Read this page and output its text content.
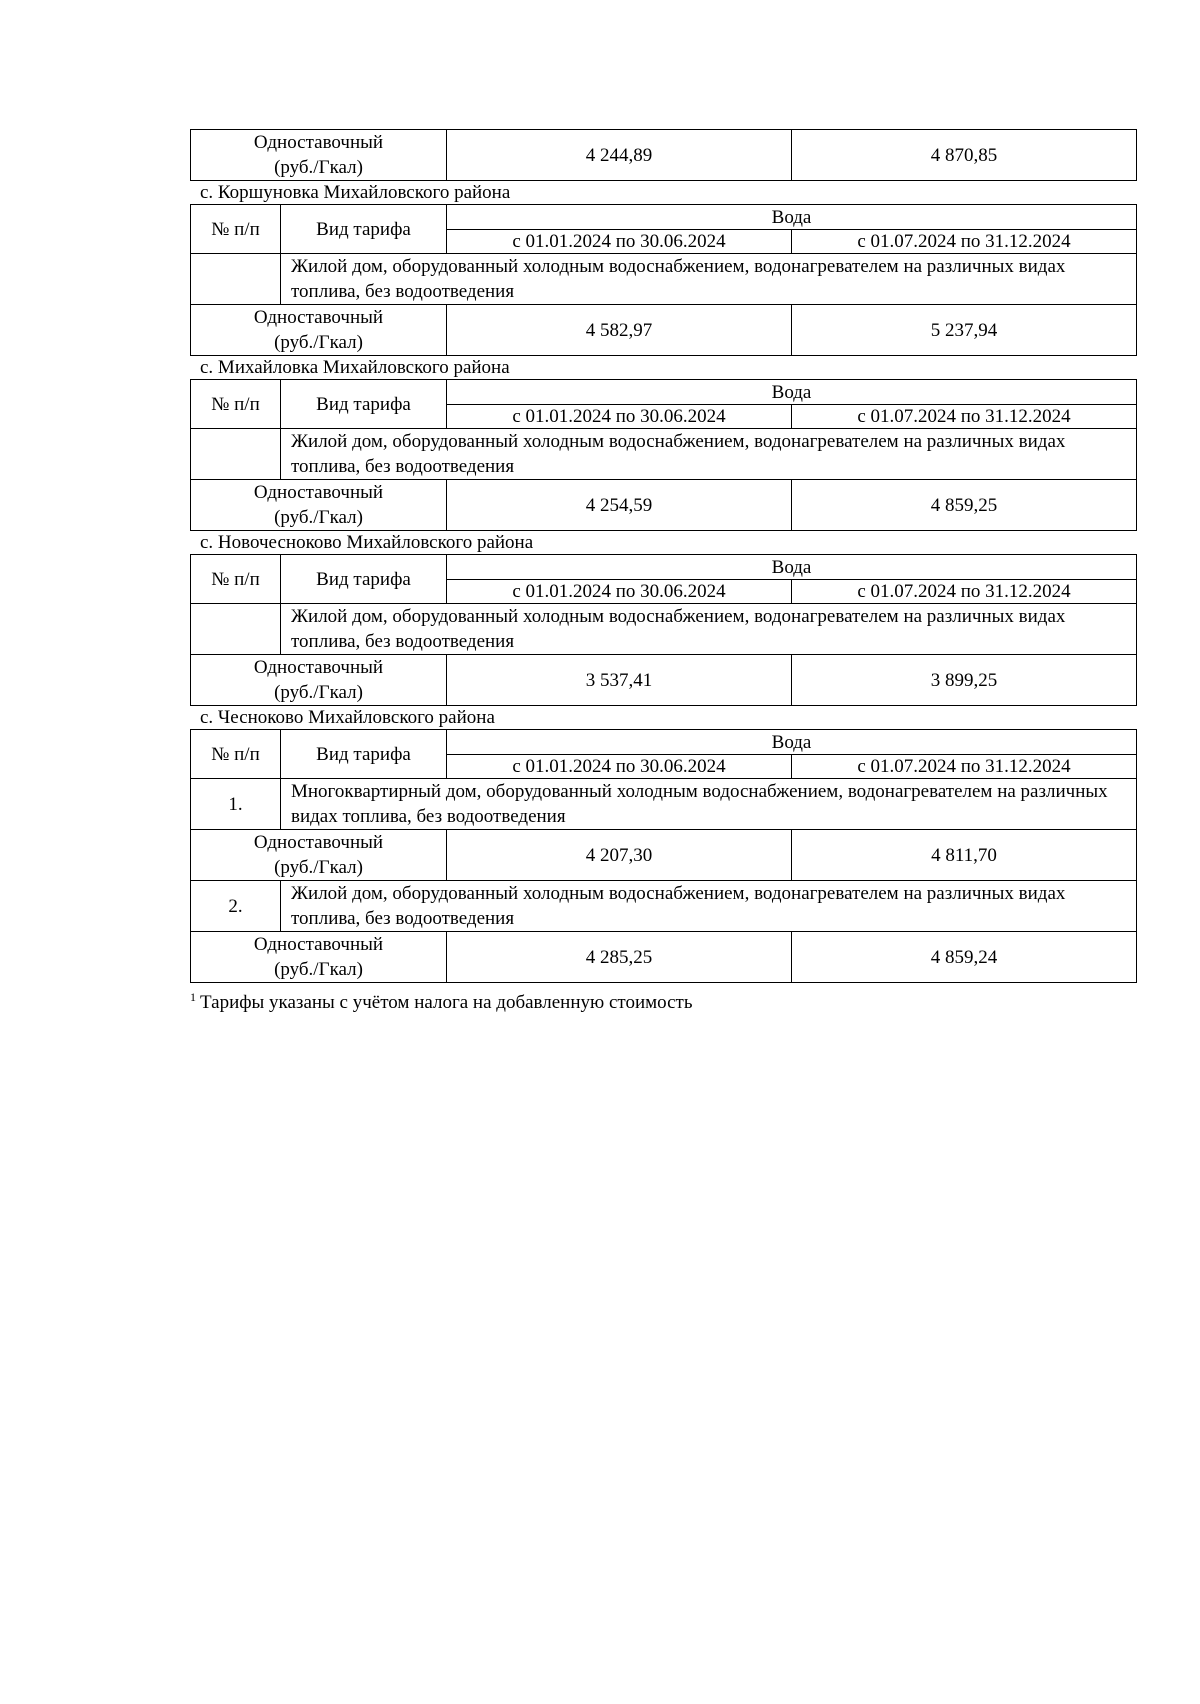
Одноставочный
(руб./Гкал)	4 244,89	4 870,85
с. Коршуновка Михайловского района
№ п/п	Вид тарифа	Вода	
		с 01.01.2024 по 30.06.2024	с 01.07.2024 по 31.12.2024
	Жилой дом, оборудованный холодным водоснабжением, водонагревателем на различных видах топлива, без водоотведения		
Одноставочный
(руб./Гкал)		4 582,97	5 237,94
с. Михайловка Михайловского района
№ п/п	Вид тарифа	Вода	
		с 01.01.2024 по 30.06.2024	с 01.07.2024 по 31.12.2024
	Жилой дом, оборудованный холодным водоснабжением, водонагревателем на различных видах топлива, без водоотведения		
Одноставочный
(руб./Гкал)		4 254,59	4 859,25
с. Новочесноково Михайловского района
№ п/п	Вид тарифа	Вода	
		с 01.01.2024 по 30.06.2024	с 01.07.2024 по 31.12.2024
	Жилой дом, оборудованный холодным водоснабжением, водонагревателем на различных видах топлива, без водоотведения		
Одноставочный
(руб./Гкал)		3 537,41	3 899,25
с. Чесноково Михайловского района
№ п/п	Вид тарифа	Вода	
		с 01.01.2024 по 30.06.2024	с 01.07.2024 по 31.12.2024
1.	Многоквартирный дом, оборудованный холодным водоснабжением, водонагревателем на различных видах топлива, без водоотведения		
Одноставочный
(руб./Гкал)		4 207,30	4 811,70
2.	Жилой дом, оборудованный холодным водоснабжением, водонагревателем на различных видах топлива, без водоотведения		
Одноставочный
(руб./Гкал)		4 285,25	4 859,24
$^1$ Тарифы указаны с учётом налога на добавленную стоимость
